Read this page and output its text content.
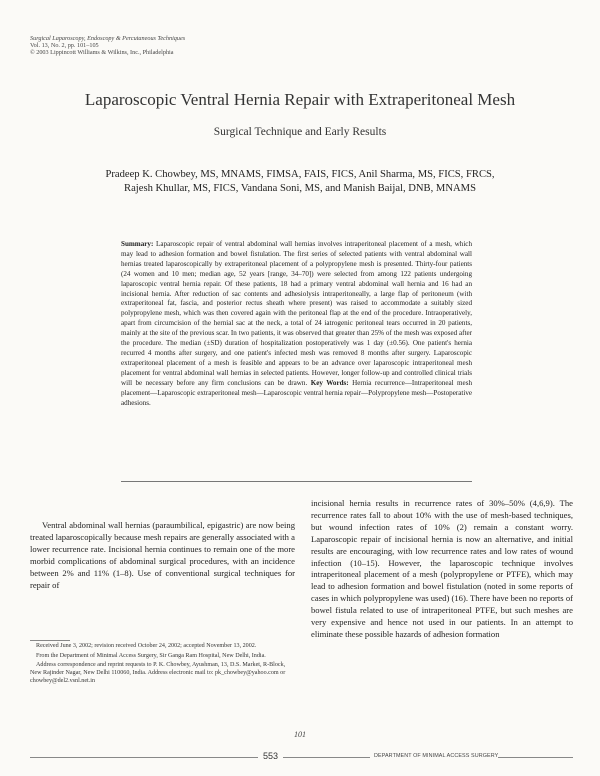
Surgical Laparoscopy, Endoscopy & Percutaneous Techniques
Vol. 13, No. 2, pp. 101–105
© 2003 Lippincott Williams & Wilkins, Inc., Philadelphia
Laparoscopic Ventral Hernia Repair with Extraperitoneal Mesh
Surgical Technique and Early Results
Pradeep K. Chowbey, MS, MNAMS, FIMSA, FAIS, FICS, Anil Sharma, MS, FICS, FRCS,
Rajesh Khullar, MS, FICS, Vandana Soni, MS, and Manish Baijal, DNB, MNAMS
Summary: Laparoscopic repair of ventral abdominal wall hernias involves intraperitoneal placement of a mesh, which may lead to adhesion formation and bowel fistulation. The first series of selected patients with ventral abdominal wall hernias treated laparoscopically by extraperitoneal placement of a polypropylene mesh is presented. Thirty-four patients (24 women and 10 men; median age, 52 years [range, 34–70]) were selected from among 122 patients undergoing laparoscopic ventral hernia repair. Of these patients, 18 had a primary ventral abdominal wall hernia and 16 had an incisional hernia. After reduction of sac contents and adhesiolysis intraperitoneally, a large flap of peritoneum (with extraperitoneal fat, fascia, and posterior rectus sheath where present) was raised to accommodate a suitably sized polypropylene mesh, which was then covered again with the peritoneal flap at the end of the procedure. Intraoperatively, apart from circumcision of the hernial sac at the neck, a total of 24 iatrogenic peritoneal tears occurred in 20 patients, mainly at the site of the previous scar. In two patients, it was observed that greater than 25% of the mesh was exposed after the procedure. The median (±SD) duration of hospitalization postoperatively was 1 day (±0.56). One patient's hernia recurred 4 months after surgery, and one patient's infected mesh was removed 8 months after surgery. Laparoscopic extraperitoneal placement of a mesh is feasible and appears to be an advance over laparoscopic intraperitoneal mesh placement for ventral abdominal wall hernias in selected patients. However, longer follow-up and controlled clinical trials will be necessary before any firm conclusions can be drawn. Key Words: Hernia recurrence—Intraperitoneal mesh placement—Laparoscopic extraperitoneal mesh—Laparoscopic ventral hernia repair—Polypropylene mesh—Postoperative adhesions.
Ventral abdominal wall hernias (paraumbilical, epigastric) are now being treated laparoscopically because mesh repairs are generally associated with a lower recurrence rate. Incisional hernia continues to remain one of the more morbid complications of abdominal surgical procedures, with an incidence between 2% and 11% (1–8). Use of conventional surgical techniques for repair of
incisional hernia results in recurrence rates of 30%–50% (4,6,9). The recurrence rates fall to about 10% with the use of mesh-based techniques, but wound infection rates of 10% (2) remain a constant worry. Laparoscopic repair of incisional hernia is now an alternative, and initial results are encouraging, with low recurrence rates and low rates of wound infection (10–15). However, the laparoscopic technique involves intraperitoneal placement of a mesh (polypropylene or PTFE), which may lead to adhesion formation and bowel fistulation (noted in some reports of cases in which polypropylene was used) (16). There have been no reports of bowel fistula related to use of intraperitoneal PTFE, but such meshes are very expensive and hence not used in our patients. In an attempt to eliminate these possible hazards of adhesion formation

Received June 3, 2002; revision received October 24, 2002; accepted November 13, 2002.

From the Department of Minimal Access Surgery, Sir Ganga Ram Hospital, New Delhi, India.

Address correspondence and reprint requests to P. K. Chowbey, Ayushman, 13, D.S. Market, R-Block, New Rajinder Nagar, New Delhi 110060, India. Address electronic mail to: pk_chowbey@yahoo.com or chowbey@del2.vsnl.net.in

101
553	DEPARTMENT OF MINIMAL ACCESS SURGERY
